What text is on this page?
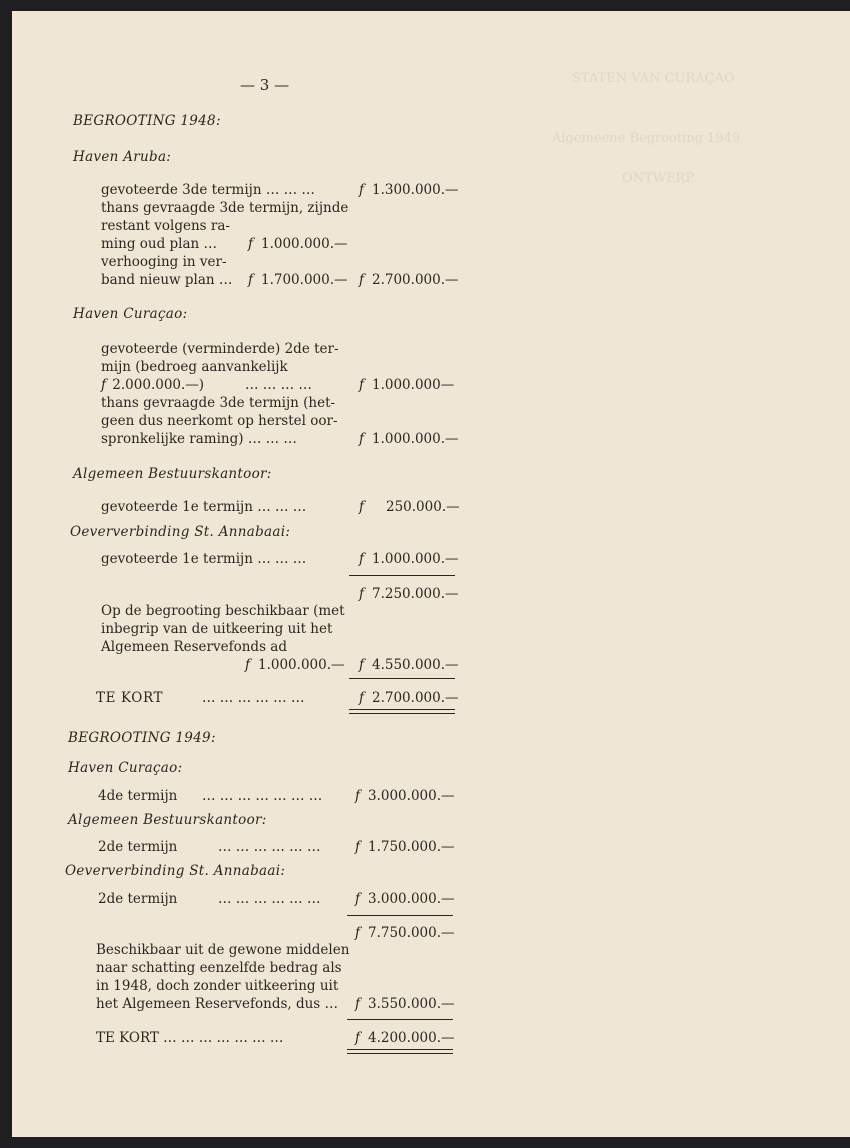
STATEN VAN CURAÇAO
Algemeene Begrooting 1949
ONTWERP
— 3 —
BEGROOTING 1948:
Haven Aruba:
gevoteerde 3de termijn … … …	f 1.300.000.—
thans gevraagde 3de termijn, zijnde
restant volgens ra-
ming oud plan … f 1.000.000.—
verhooging in ver-
band nieuw plan … f 1.700.000.— f 2.700.000.—
Haven Curaçao:
gevoteerde (verminderde) 2de ter-
mijn (bedroeg aanvankelijk
f 2.000.000.—)	… … … …	f 1.000.000—
thans gevraagde 3de termijn (het-
geen dus neerkomt op herstel oor-
spronkelijke raming) … … …	f 1.000.000.—
Algemeen Bestuurskantoor:
gevoteerde 1e termijn … … …	f 250.000.—
Oeververbinding St. Annabaai:
gevoteerde 1e termijn … … …	f 1.000.000.—
f 7.250.000.—
Op de begrooting beschikbaar (met
inbegrip van de uitkeering uit het
Algemeen Reservefonds ad
f 1.000.000.— f 4.550.000.—
TE KORT	… … … … … …	f 2.700.000.—
BEGROOTING 1949:
Haven Curaçao:
4de termijn … … … … … … … f 3.000.000.—
Algemeen Bestuurskantoor:
2de termijn	… … … … … …	f 1.750.000.—
Oeververbinding St. Annabaai:
2de termijn	… … … … … …	f 3.000.000.—
f 7.750.000.—
Beschikbaar uit de gewone middelen
naar schatting eenzelfde bedrag als
in 1948, doch zonder uitkeering uit
het Algemeen Reservefonds, dus … f 3.550.000.—
TE KORT … … … … … … …	f 4.200.000.—
